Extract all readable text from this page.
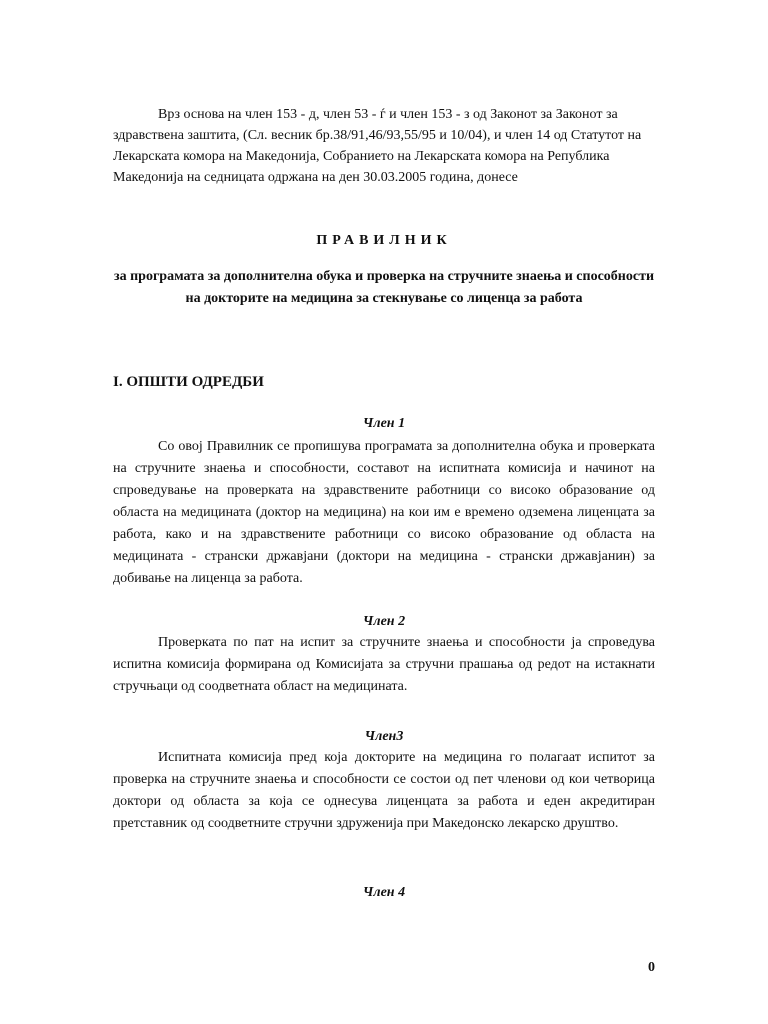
Врз основа на член 153 - д, член 53 - ѓ и член 153 - з од Законот за Законот за здравствена заштита, (Сл. весник бр.38/91,46/93,55/95 и 10/04), и член 14 од Статутот на Лекарската комора на Македонија, Собранието на Лекарската комора на Република Македонија на седницата одржана на ден 30.03.2005 година, донесе

ПРАВИЛНИК
за програмата за дополнителна обука и проверка на стручните знаења и способности на докторите на медицина за стекнување со лиценца за работа
I. ОПШТИ ОДРЕДБИ
Член 1

Со овој Правилник се пропишува програмата за дополнителна обука и проверката на стручните знаења и способности, составот на испитната комисија и начинот на спроведување на проверката на здравствените работници со високо образование од областа на медицината (доктор на медицина) на кои им е времено одземена лиценцата за работа, како и на здравствените работници со високо образование од областа на медицината - странски државјани (доктори на медицина - странски државјанин) за добивање на лиценца за работа.

Член 2

Проверката по пат на испит за стручните знаења и способности ја спроведува испитна комисија формирана од Комисијата за стручни прашања од редот на истакнати стручњаци од соодветната област на медицината.

Член3

Испитната комисија пред која докторите на медицина го полагаат испитот за проверка на стручните знаења и способности се состои од пет членови од кои четворица доктори од областа за која се однесува лиценцата за работа и еден акредитиран претставник од соодветните стручни здруженија при Македонско лекарско друштво.

Член 4
0
